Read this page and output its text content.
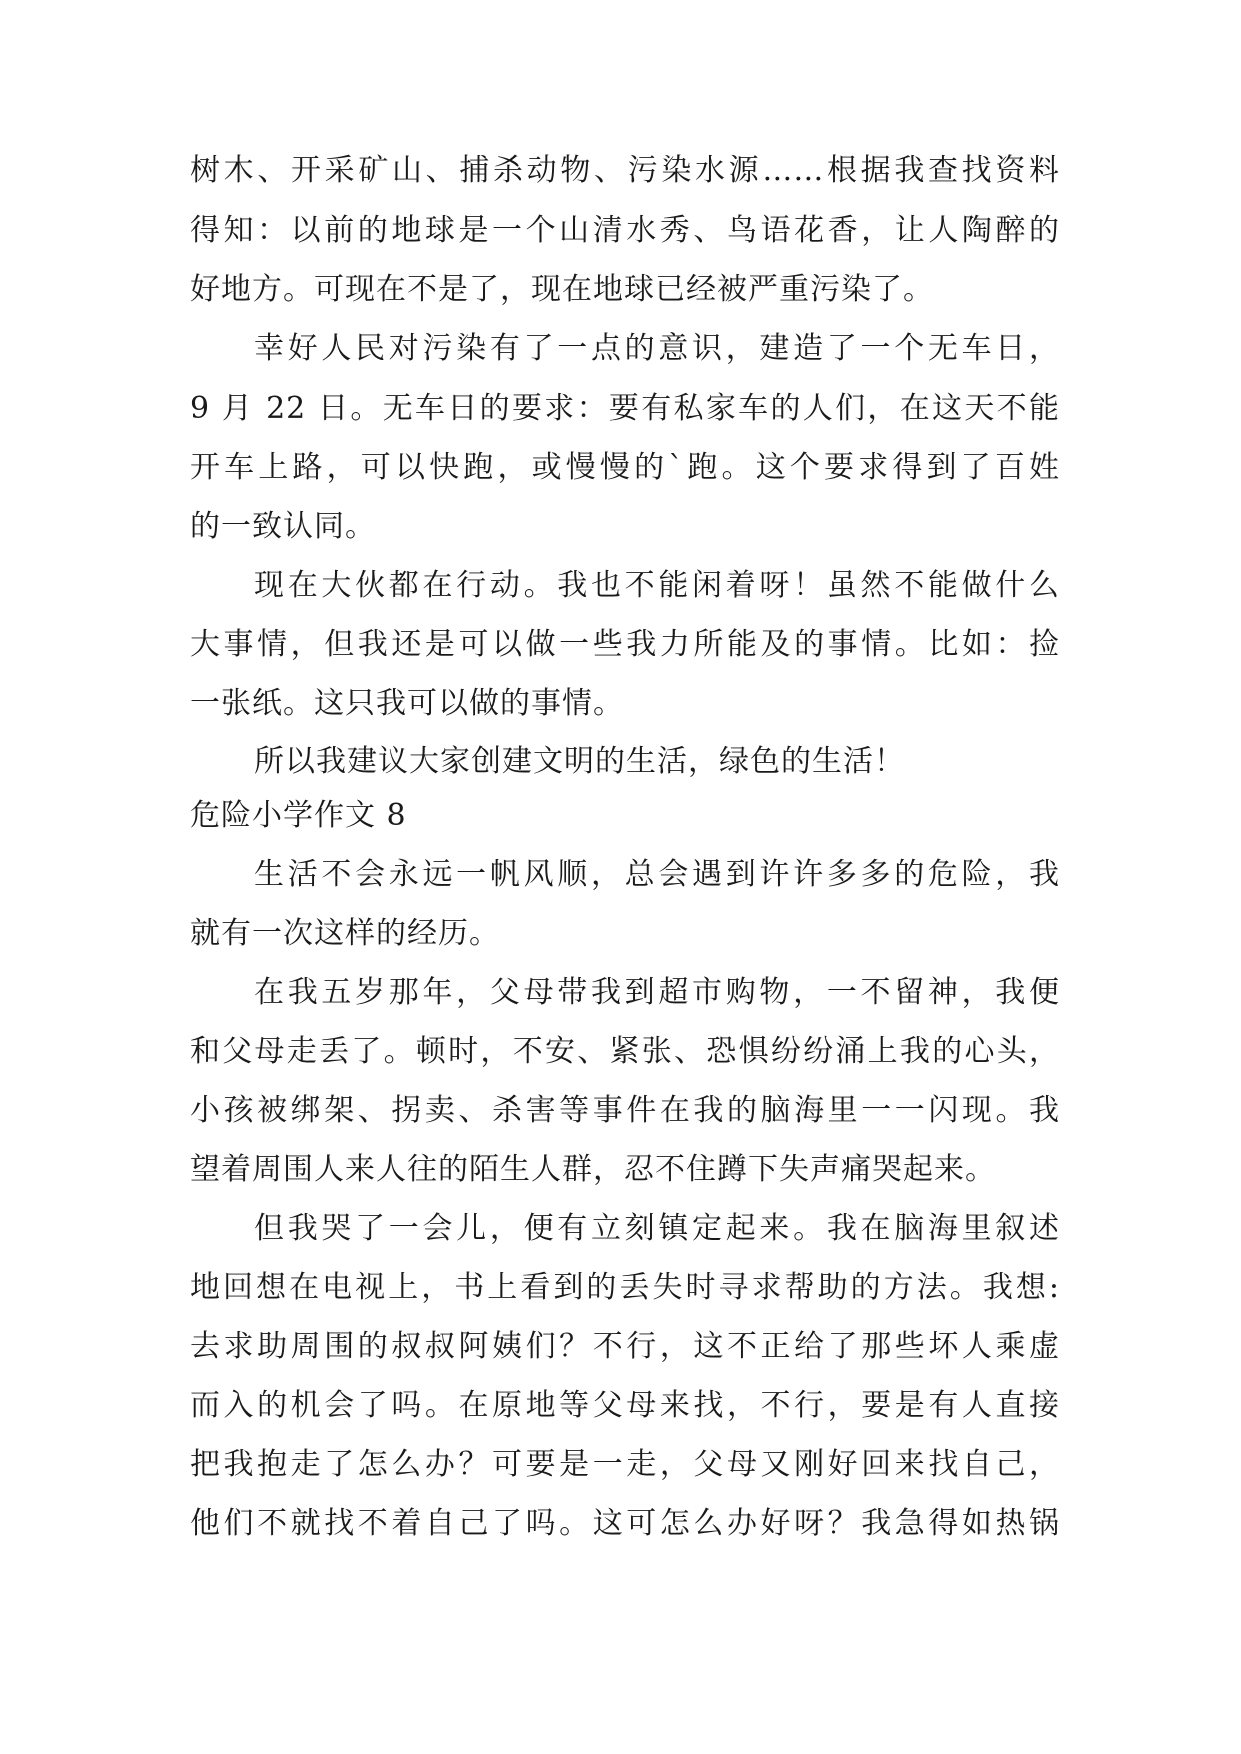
树木、开采矿山、捕杀动物、污染水源……根据我查找资料
得知：以前的地球是一个山清水秀、鸟语花香，让人陶醉的
好地方。可现在不是了，现在地球已经被严重污染了。
幸好人民对污染有了一点的意识，建造了一个无车日，
9 月 22 日。无车日的要求：要有私家车的人们，在这天不能
开车上路，可以快跑，或慢慢的`跑。这个要求得到了百姓
的一致认同。
现在大伙都在行动。我也不能闲着呀！虽然不能做什么
大事情，但我还是可以做一些我力所能及的事情。比如：捡
一张纸。这只我可以做的事情。
所以我建议大家创建文明的生活，绿色的生活！
危险小学作文 8
生活不会永远一帆风顺，总会遇到许许多多的危险，我
就有一次这样的经历。
在我五岁那年，父母带我到超市购物，一不留神，我便
和父母走丢了。顿时，不安、紧张、恐惧纷纷涌上我的心头，
小孩被绑架、拐卖、杀害等事件在我的脑海里一一闪现。我
望着周围人来人往的陌生人群，忍不住蹲下失声痛哭起来。
但我哭了一会儿，便有立刻镇定起来。我在脑海里叙述
地回想在电视上，书上看到的丢失时寻求帮助的方法。我想:
去求助周围的叔叔阿姨们？不行，这不正给了那些坏人乘虚
而入的机会了吗。在原地等父母来找，不行，要是有人直接
把我抱走了怎么办？可要是一走，父母又刚好回来找自己，
他们不就找不着自己了吗。这可怎么办好呀？我急得如热锅
